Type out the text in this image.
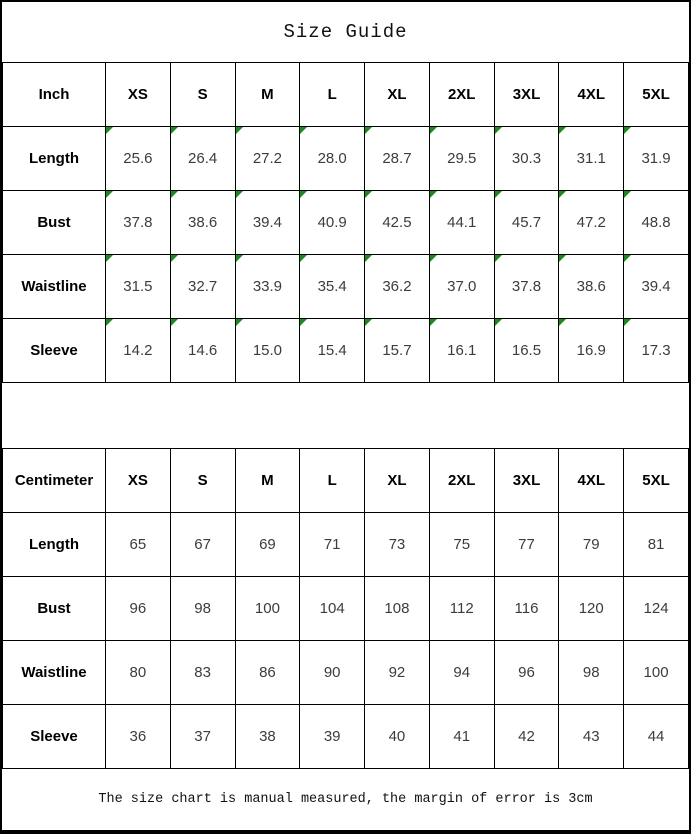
Size Guide
Inch	XS	S	M	L	XL	2XL	3XL	4XL	5XL
Length	25.6	26.4	27.2	28.0	28.7	29.5	30.3	31.1	31.9
Bust	37.8	38.6	39.4	40.9	42.5	44.1	45.7	47.2	48.8
Waistline	31.5	32.7	33.9	35.4	36.2	37.0	37.8	38.6	39.4
Sleeve	14.2	14.6	15.0	15.4	15.7	16.1	16.5	16.9	17.3
Centimeter	XS	S	M	L	XL	2XL	3XL	4XL	5XL
Length	65	67	69	71	73	75	77	79	81
Bust	96	98	100	104	108	112	116	120	124
Waistline	80	83	86	90	92	94	96	98	100
Sleeve	36	37	38	39	40	41	42	43	44
The size chart is manual measured, the margin of error is 3cm
